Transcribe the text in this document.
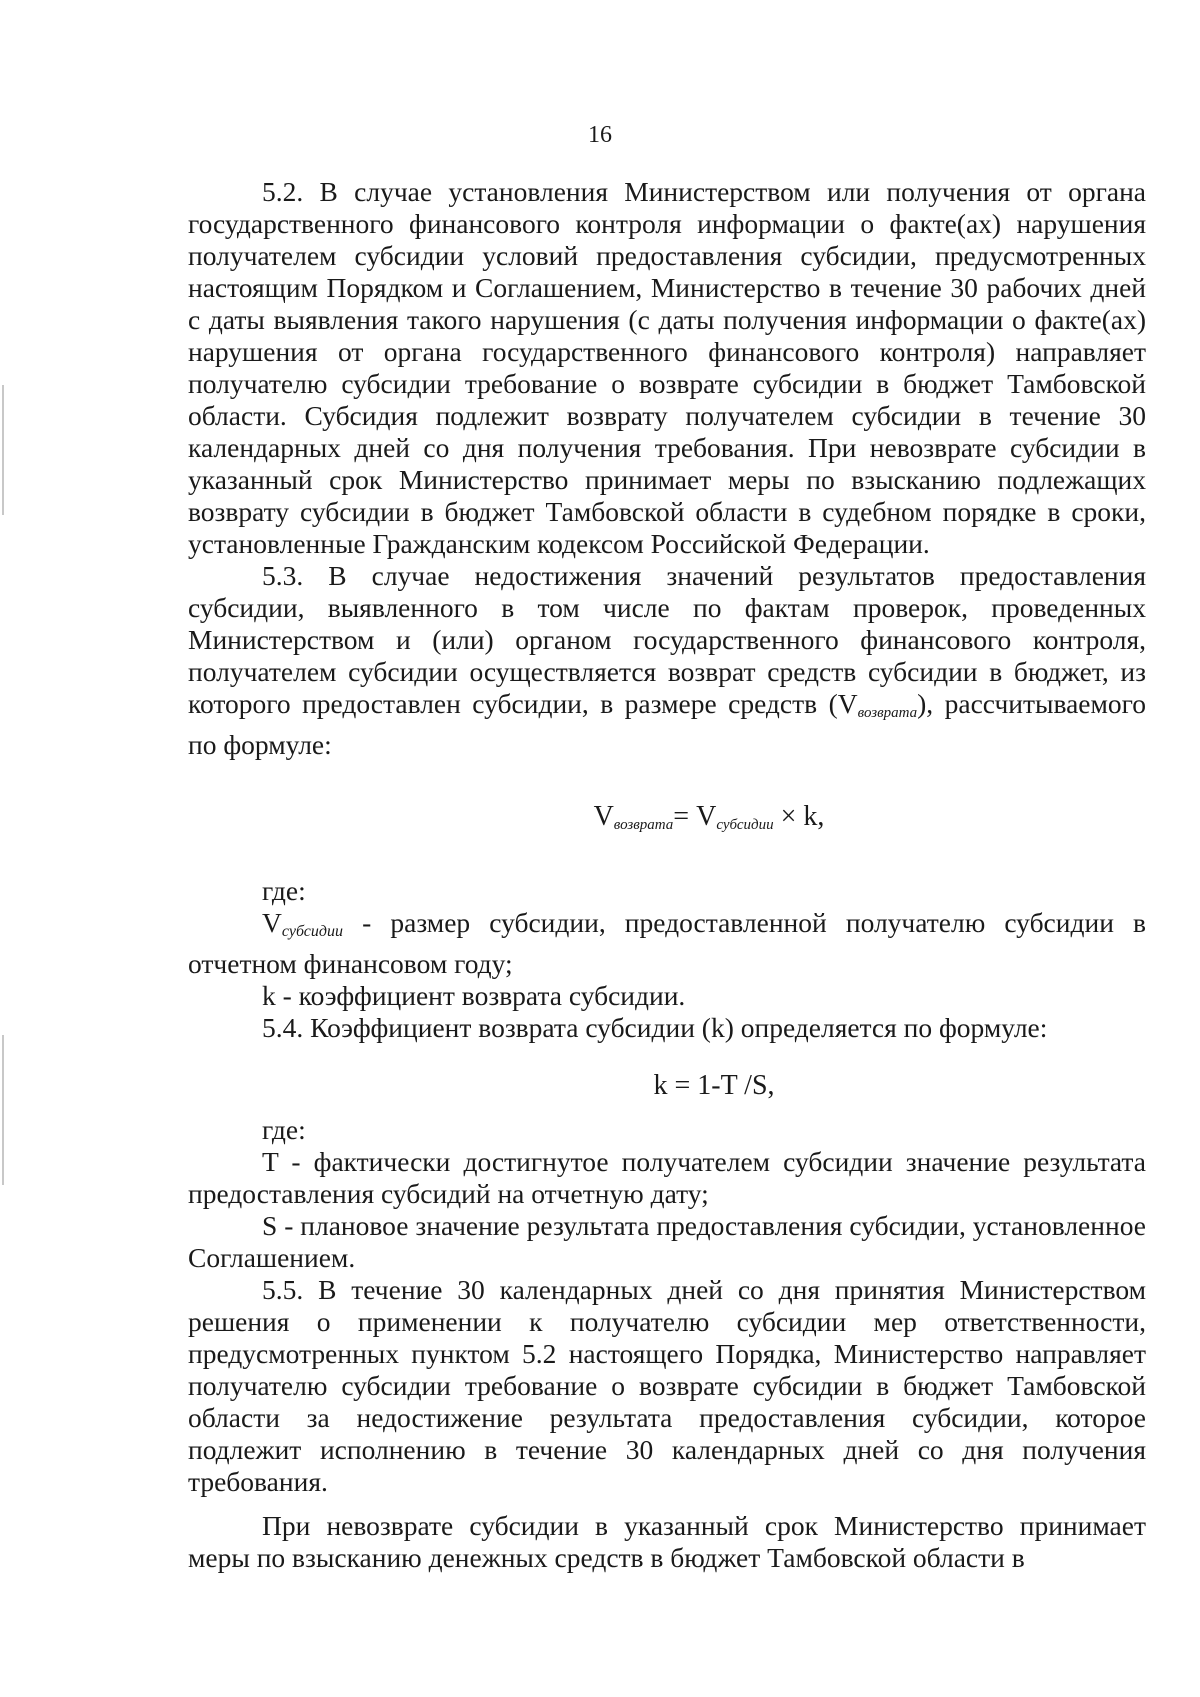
16

5.2. В случае установления Министерством или получения от органа государственного финансового контроля информации о факте(ах) нарушения получателем субсидии условий предоставления субсидии, предусмотренных настоящим Порядком и Соглашением, Министерство в течение 30 рабочих дней с даты выявления такого нарушения (с даты получения информации о факте(ах) нарушения от органа государственного финансового контроля) направляет получателю субсидии требование о возврате субсидии в бюджет Тамбовской области. Субсидия подлежит возврату получателем субсидии в течение 30 календарных дней со дня получения требования. При невозврате субсидии в указанный срок Министерство принимает меры по взысканию подлежащих возврату субсидии в бюджет Тамбовской области в судебном порядке в сроки, установленные Гражданским кодексом Российской Федерации.

5.3. В случае недостижения значений результатов предоставления субсидии, выявленного в том числе по фактам проверок, проведенных Министерством и (или) органом государственного финансового контроля, получателем субсидии осуществляется возврат средств субсидии в бюджет, из которого предоставлен субсидии, в размере средств $(V_{возврата})$, рассчитываемого по формуле:

$V_{возврата}= V_{субсидии} \times k$,

где:

Vсубсидии - размер субсидии, предоставленной получателю субсидии в отчетном финансовом году;

k - коэффициент возврата субсидии.

5.4. Коэффициент возврата субсидии (k) определяется по формуле:

k = 1-T /S,

где:

T - фактически достигнутое получателем субсидии значение результата предоставления субсидий на отчетную дату;

S - плановое значение результата предоставления субсидии, установленное Соглашением.

5.5. В течение 30 календарных дней со дня принятия Министерством решения о применении к получателю субсидии мер ответственности, предусмотренных пунктом 5.2 настоящего Порядка, Министерство направляет получателю субсидии требование о возврате субсидии в бюджет Тамбовской области за недостижение результата предоставления субсидии, которое подлежит исполнению в течение 30 календарных дней со дня получения требования.

При невозврате субсидии в указанный срок Министерство принимает меры по взысканию денежных средств в бюджет Тамбовской области в
